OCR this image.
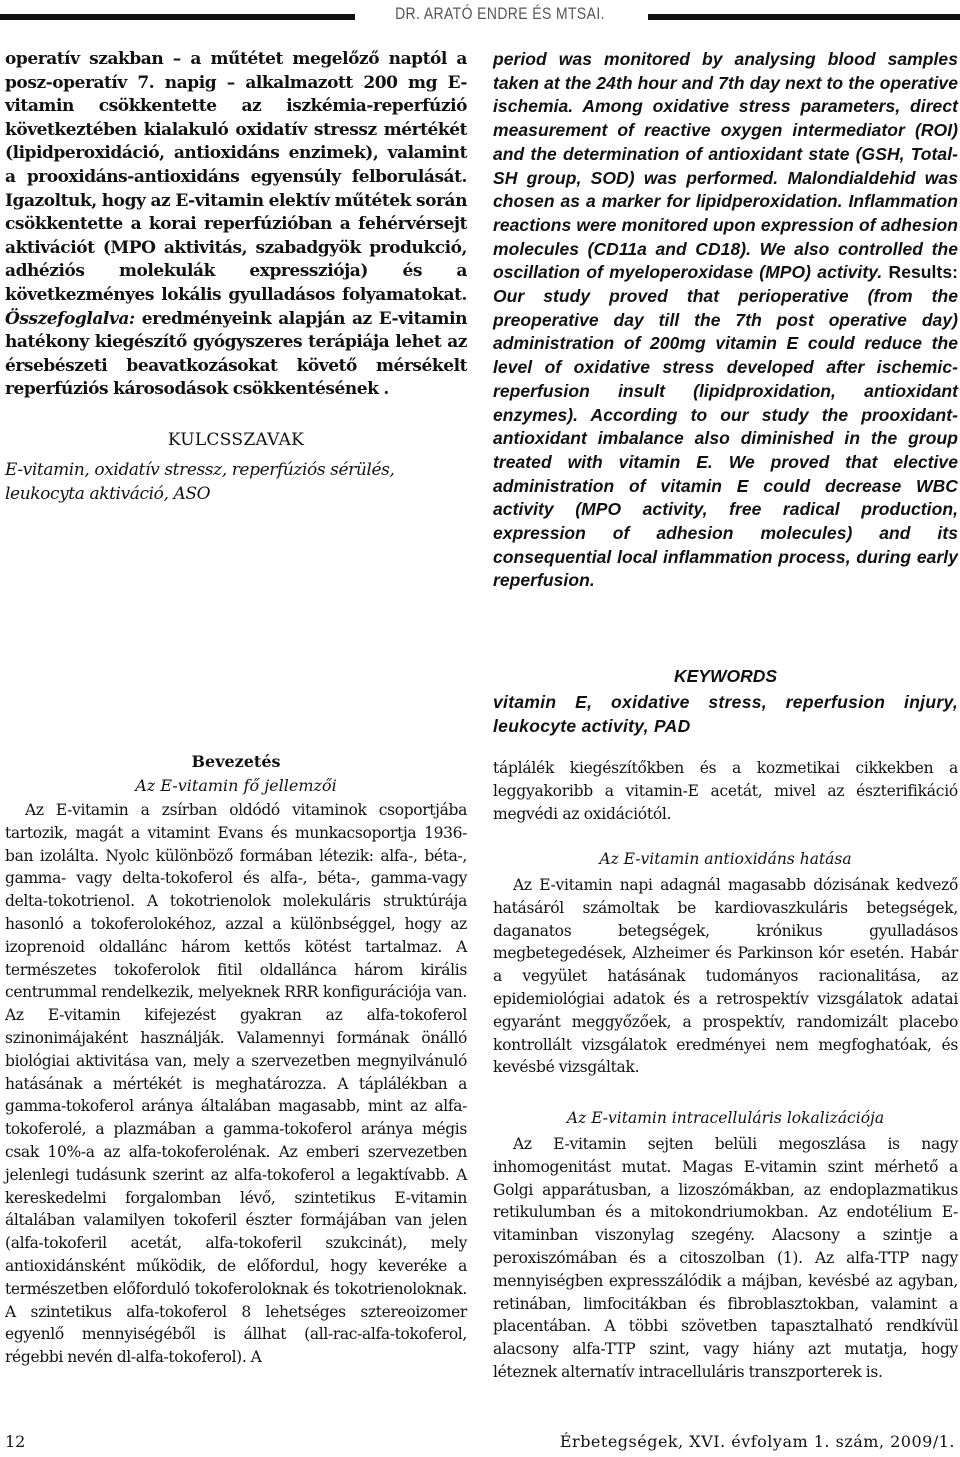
DR. ARATÓ ENDRE ÉS MTSAI.
operatív szakban – a műtétet megelőző naptól a posz-operatív 7. napig – alkalmazott 200 mg E-vitamin csökkentette az iszkémia-reperfúzió következtében kialakuló oxidatív stressz mértékét (lipidperoxidáció, antioxidáns enzimek), valamint a prooxidáns-antioxidáns egyensúly felborulását. Igazoltuk, hogy az E-vitamin elektív műtétek során csökkentette a korai reperfúzióban a fehérvérsejt aktivációt (MPO aktivitás, szabadgyök produkció, adhéziós molekulák expressziója) és a következményes lokális gyulladásos folyamatokat. Összefoglalva: eredményeink alapján az E-vitamin hatékony kiegészítő gyógyszeres terápiája lehet az érsebészeti beavatkozásokat követő mérsékelt reperfúziós károsodások csökkentésének .
KULCSSZAVAK
E-vitamin, oxidatív stressz, reperfúziós sérülés, leukocyta aktiváció, ASO
period was monitored by analysing blood samples taken at the 24th hour and 7th day next to the operative ischemia. Among oxidative stress parameters, direct measurement of reactive oxygen intermediator (ROI) and the determination of antioxidant state (GSH, Total-SH group, SOD) was performed. Malondialdehid was chosen as a marker for lipidperoxidation. Inflammation reactions were monitored upon expression of adhesion molecules (CD11a and CD18). We also controlled the oscillation of myeloperoxidase (MPO) activity. Results: Our study proved that perioperative (from the preoperative day till the 7th post operative day) administration of 200mg vitamin E could reduce the level of oxidative stress developed after ischemic-reperfusion insult (lipidproxidation, antioxidant enzymes). According to our study the prooxidant-antioxidant imbalance also diminished in the group treated with vitamin E. We proved that elective administration of vitamin E could decrease WBC activity (MPO activity, free radical production, expression of adhesion molecules) and its consequential local inflammation process, during early reperfusion.
KEYWORDS
vitamin E, oxidative stress, reperfusion injury, leukocyte activity, PAD
Bevezetés
Az E-vitamin fő jellemzői

Az E-vitamin a zsírban oldódó vitaminok csoportjába tartozik, magát a vitamint Evans és munkacsoportja 1936-ban izolálta. Nyolc különböző formában létezik: alfa-, béta-, gamma- vagy delta-tokoferol és alfa-, béta-, gamma-vagy delta-tokotrienol. A tokotrienolok molekuláris struktúrája hasonló a tokoferolokéhoz, azzal a különbséggel, hogy az izoprenoid oldallánc három kettős kötést tartalmaz. A természetes tokoferolok fitil oldallánca három királis centrummal rendelkezik, melyeknek RRR konfigurációja van. Az E-vitamin kifejezést gyakran az alfa-tokoferol szinonimájaként használják. Valamennyi formának önálló biológiai aktivitása van, mely a szervezetben megnyilvánuló hatásának a mértékét is meghatározza. A táplálékban a gamma-tokoferol aránya általában magasabb, mint az alfa-tokoferolé, a plazmában a gamma-tokoferol aránya mégis csak 10%-a az alfa-tokoferolénak. Az emberi szervezetben jelenlegi tudásunk szerint az alfa-tokoferol a legaktívabb. A kereskedelmi forgalomban lévő, szintetikus E-vitamin általában valamilyen tokoferil észter formájában van jelen (alfa-tokoferil acetát, alfa-tokoferil szukcinát), mely antioxidánsként működik, de előfordul, hogy keveréke a természetben előforduló tokoferoloknak és tokotrienoloknak. A szintetikus alfa-tokoferol 8 lehetséges sztereoizomer egyenlő mennyiségéből is állhat (all-rac-alfa-tokoferol, régebbi nevén dl-alfa-tokoferol). A

táplálék kiegészítőkben és a kozmetikai cikkekben a leggyakoribb a vitamin-E acetát, mivel az észterifikáció megvédi az oxidációtól.

Az E-vitamin antioxidáns hatása

Az E-vitamin napi adagnál magasabb dózisának kedvező hatásáról számoltak be kardiovaszkuláris betegségek, daganatos betegségek, krónikus gyulladásos megbetegedések, Alzheimer és Parkinson kór esetén. Habár a vegyület hatásának tudományos racionalitása, az epidemiológiai adatok és a retrospektív vizsgálatok adatai egyaránt meggyőzőek, a prospektív, randomizált placebo kontrollált vizsgálatok eredményei nem megfoghatóak, és kevésbé vizsgáltak.

Az E-vitamin intracelluláris lokalizációja

Az E-vitamin sejten belüli megoszlása is nagy inhomogenitást mutat. Magas E-vitamin szint mérhető a Golgi apparátusban, a lizoszómákban, az endoplazmatikus retikulumban és a mitokondriumokban. Az endotélium E-vitaminban viszonylag szegény. Alacsony a szintje a peroxiszómában és a citoszolban (1). Az alfa-TTP nagy mennyiségben expresszálódik a májban, kevésbé az agyban, retinában, limfocitákban és fibroblasztokban, valamint a placentában. A többi szövetben tapasztalható rendkívül alacsony alfa-TTP szint, vagy hiány azt mutatja, hogy léteznek alternatív intracelluláris transzporterek is.

12	Érbetegségek, XVI. évfolyam 1. szám, 2009/1.
